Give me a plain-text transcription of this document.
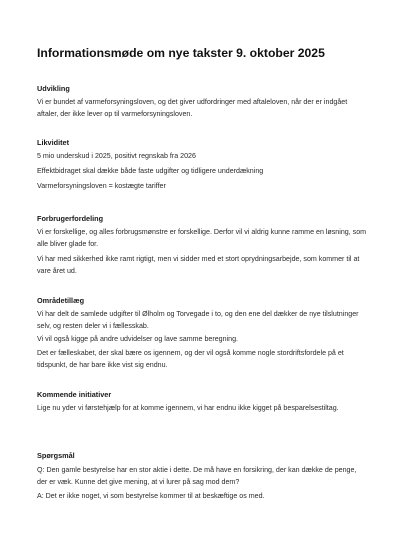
Informationsmøde om nye takster 9. oktober 2025
Udvikling

Vi er bundet af varmeforsyningsloven, og det giver udfordringer med aftaleloven, når der er indgået aftaler, der ikke lever op til varmeforsyningsloven.

Likviditet

5 mio underskud i 2025, positivt regnskab fra 2026

Effektbidraget skal dække både faste udgifter og tidligere underdækning

Varmeforsyningsloven = kostægte tariffer

Forbrugerfordeling

Vi er forskellige, og alles forbrugsmønstre er forskellige. Derfor vil vi aldrig kunne ramme en løsning, som alle bliver glade for.

Vi har med sikkerhed ikke ramt rigtigt, men vi sidder med et stort oprydningsarbejde, som kommer til at vare året ud.

Områdetillæg

Vi har delt de samlede udgifter til Ølholm og Torvegade i to, og den ene del dækker de nye tilslutninger selv, og resten deler vi i fællesskab.

Vi vil også kigge på andre udvidelser og lave samme beregning.

Det er fælleskabet, der skal bære os igennem, og der vil også komme nogle stordriftsfordele på et tidspunkt, de har bare ikke vist sig endnu.

Kommende initiativer

Lige nu yder vi førstehjælp for at komme igennem, vi har endnu ikke kigget på besparelsestiltag.

Spørgsmål

Q: Den gamle bestyrelse har en stor aktie i dette. De må have en forsikring, der kan dække de penge, der er væk. Kunne det give mening, at vi lurer på sag mod dem?

A: Det er ikke noget, vi som bestyrelse kommer til at beskæftige os med.
